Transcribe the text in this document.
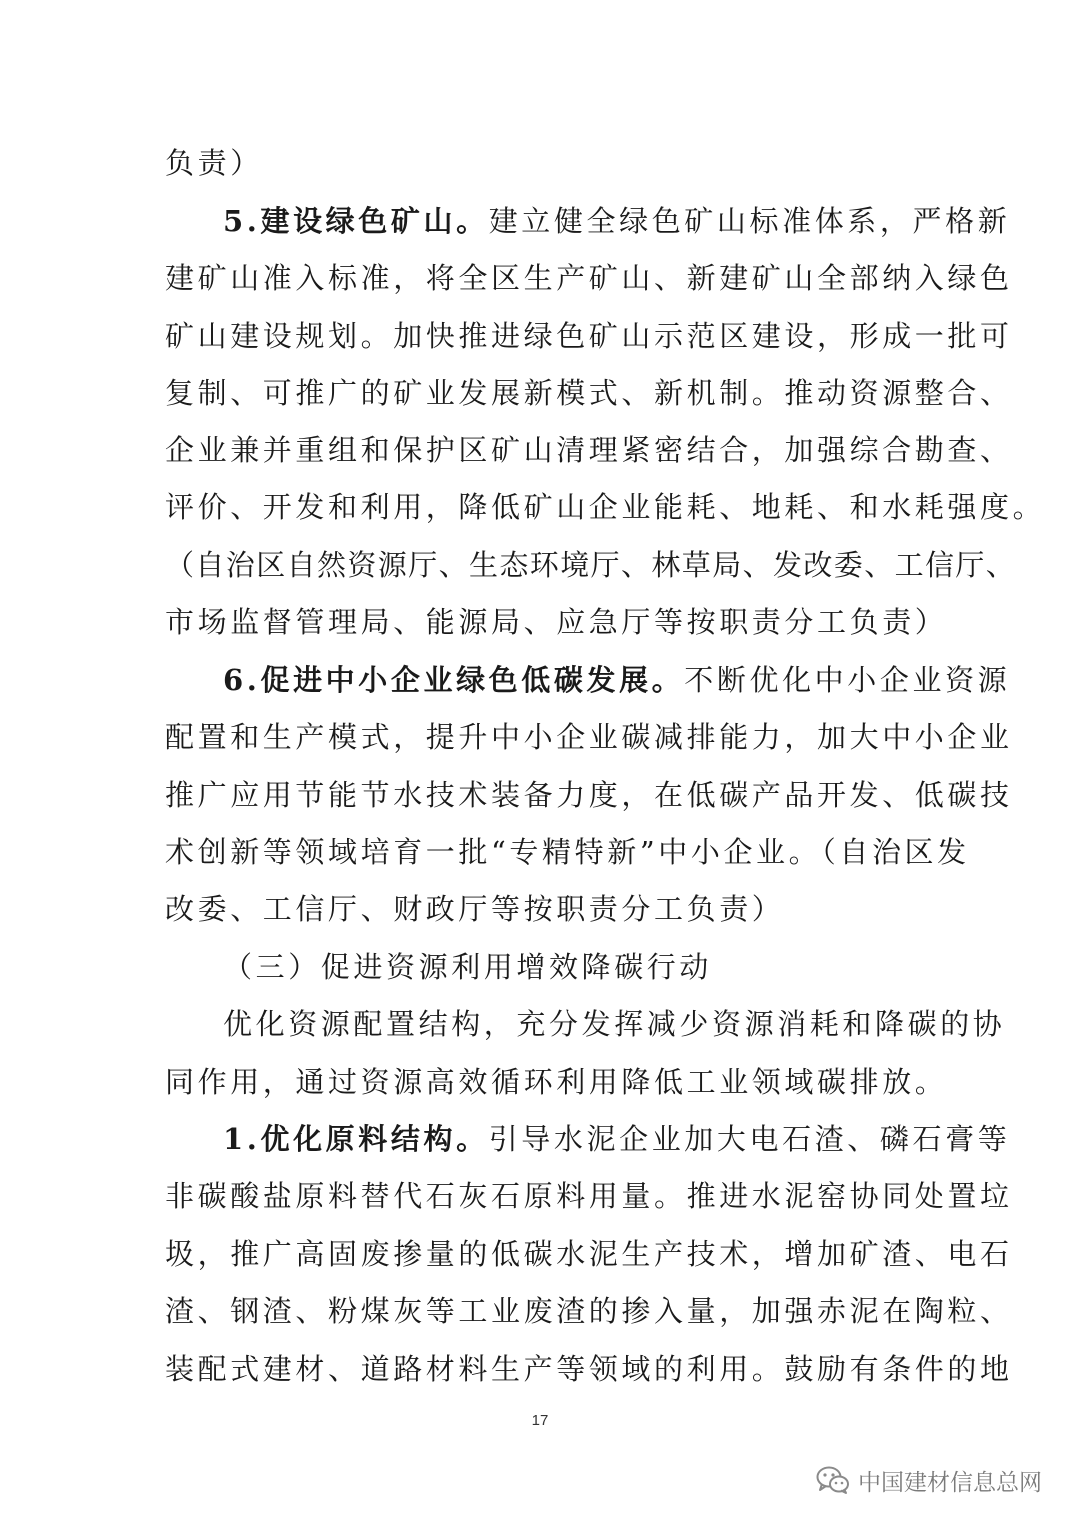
负责）
5.建设绿色矿山。建立健全绿色矿山标准体系，严格新
建矿山准入标准，将全区生产矿山、新建矿山全部纳入绿色
矿山建设规划。加快推进绿色矿山示范区建设，形成一批可
复制、可推广的矿业发展新模式、新机制。推动资源整合、
企业兼并重组和保护区矿山清理紧密结合，加强综合勘查、
评价、开发和利用，降低矿山企业能耗、地耗、和水耗强度。
（自治区自然资源厅、生态环境厅、林草局、发改委、工信厅、
市场监督管理局、能源局、应急厅等按职责分工负责）
6.促进中小企业绿色低碳发展。不断优化中小企业资源
配置和生产模式，提升中小企业碳减排能力，加大中小企业
推广应用节能节水技术装备力度，在低碳产品开发、低碳技
术创新等领域培育一批“专精特新”中小企业。（自治区发
改委、工信厅、财政厅等按职责分工负责）
（三）促进资源利用增效降碳行动
优化资源配置结构，充分发挥减少资源消耗和降碳的协
同作用，通过资源高效循环利用降低工业领域碳排放。
1.优化原料结构。引导水泥企业加大电石渣、磷石膏等
非碳酸盐原料替代石灰石原料用量。推进水泥窑协同处置垃
圾，推广高固废掺量的低碳水泥生产技术，增加矿渣、电石
渣、钢渣、粉煤灰等工业废渣的掺入量，加强赤泥在陶粒、
装配式建材、道路材料生产等领域的利用。鼓励有条件的地
17
中国建材信息总网
